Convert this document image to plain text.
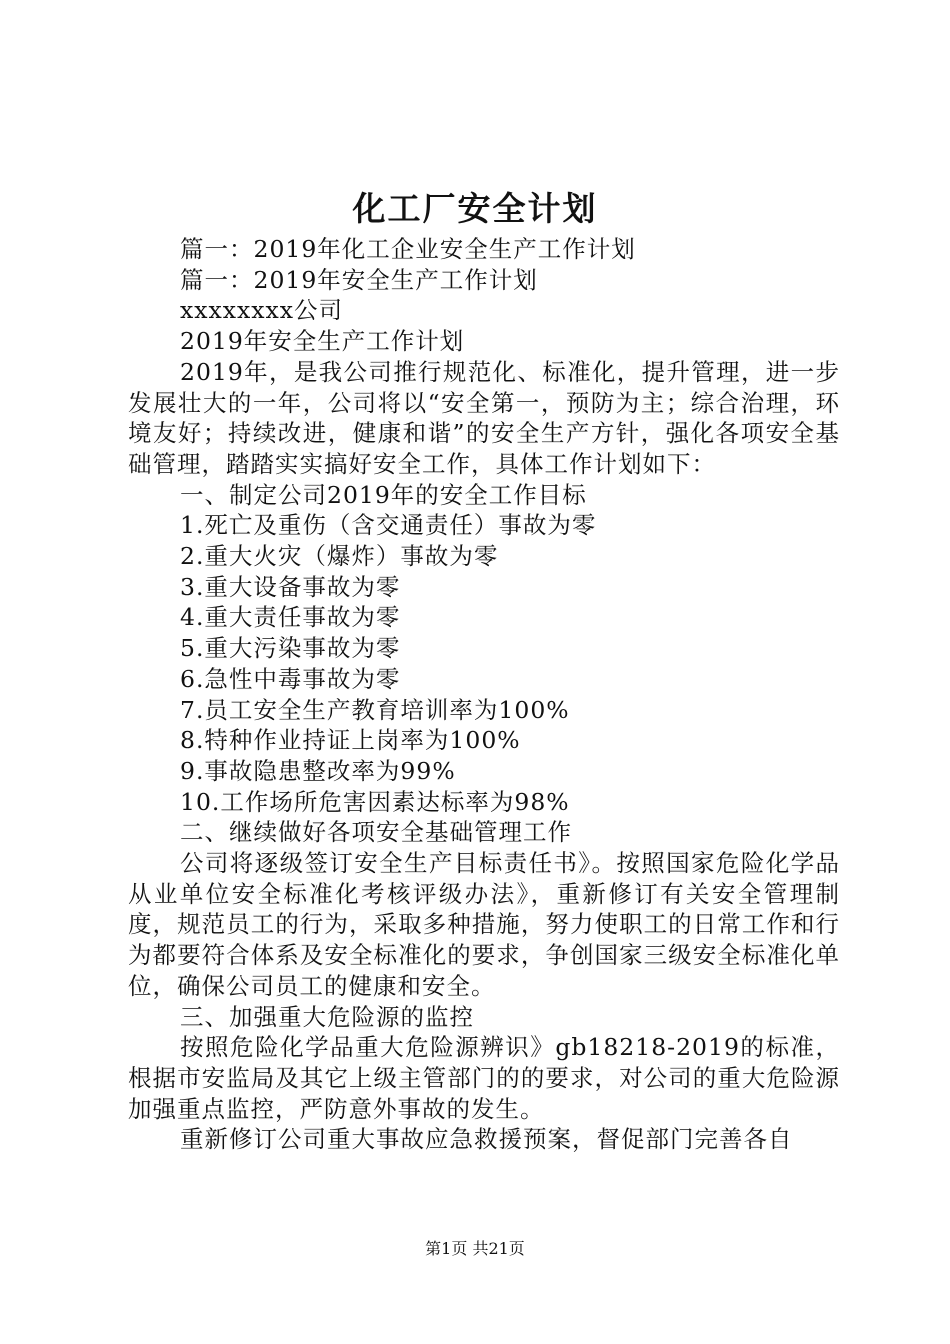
化工厂安全计划

篇一：2019年化工企业安全生产工作计划

篇一：2019年安全生产工作计划

xxxxxxxx公司

2019年安全生产工作计划

2019年，是我公司推行规范化、标准化，提升管理，进一步发展壮大的一年，公司将以“安全第一，预防为主；综合治理，环境友好；持续改进，健康和谐”的安全生产方针，强化各项安全基础管理，踏踏实实搞好安全工作，具体工作计划如下：

一、制定公司2019年的安全工作目标

1.死亡及重伤（含交通责任）事故为零

2.重大火灾（爆炸）事故为零

3.重大设备事故为零

4.重大责任事故为零

5.重大污染事故为零

6.急性中毒事故为零

7.员工安全生产教育培训率为100%

8.特种作业持证上岗率为100%

9.事故隐患整改率为99%

10.工作场所危害因素达标率为98%

二、继续做好各项安全基础管理工作

公司将逐级签订安全生产目标责任书》。按照国家危险化学品从业单位安全标准化考核评级办法》，重新修订有关安全管理制度，规范员工的行为，采取多种措施，努力使职工的日常工作和行为都要符合体系及安全标准化的要求，争创国家三级安全标准化单位，确保公司员工的健康和安全。

三、加强重大危险源的监控

按照危险化学品重大危险源辨识》gb18218-2019的标准，根据市安监局及其它上级主管部门的的要求，对公司的重大危险源加强重点监控，严防意外事故的发生。

重新修订公司重大事故应急救援预案，督促部门完善各自

第1页 共21页
